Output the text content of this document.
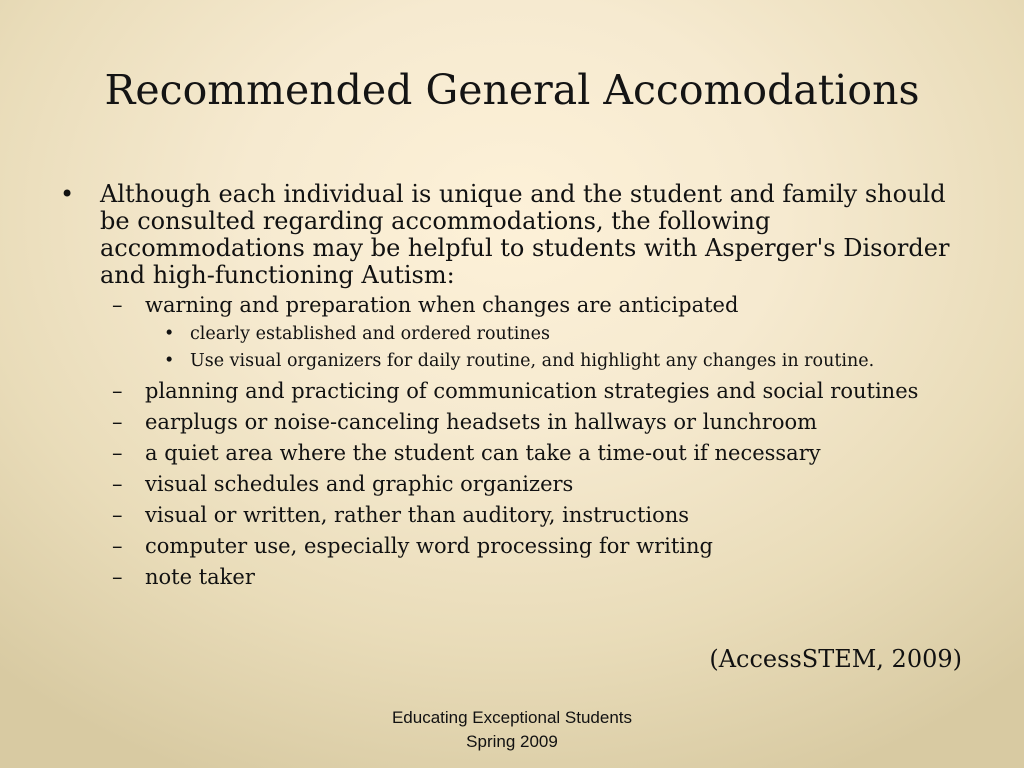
Recommended General Accomodations
• Although each individual is unique and the student and family should be consulted regarding accommodations, the following accommodations may be helpful to students with Asperger's Disorder and high-functioning Autism:
– warning and preparation when changes are anticipated
• clearly established and ordered routines
• Use visual organizers for daily routine, and highlight any changes in routine.
– planning and practicing of communication strategies and social routines
– earplugs or noise-canceling headsets in hallways or lunchroom
– a quiet area where the student can take a time-out if necessary
– visual schedules and graphic organizers
– visual or written, rather than auditory, instructions
– computer use, especially word processing for writing
– note taker

(AccessSTEM, 2009)

Educating Exceptional Students
Spring 2009
